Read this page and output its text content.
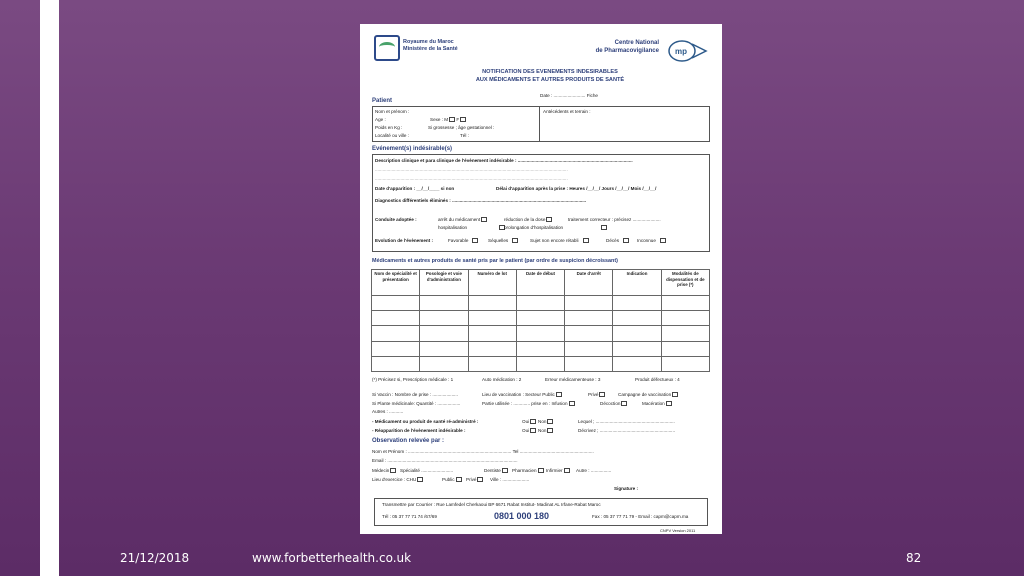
Royaume du Maroc
Ministère de la Santé
Centre National
de Pharmacovigilance mp
NOTIFICATION DES EVENEMENTS INDESIRABLES
AUX MÉDICAMENTS ET AUTRES PRODUITS DE SANTÉ
Date : ......................... Fiche
Patient
Nom et prénom :
Age :	Sexe : M F
Poids en Kg :	Si grossesse ; âge gestationnel :
Localité ou ville :	Tél :
Antécédents et terrain :
Evénement(s) indésirable(s)
Description clinique et para clinique de l'évènement indésirable : ..........................................................................................
.......................................................................................................................................................
.......................................................................................................................................................
Date d'apparition : __/__/____ si non	Délai d'apparition après la prise : Heures /__/__/ Jours /__/__/ Mois /__/__/
Diagnostics différentiels éliminés : .........................................................................................................
Conduite adoptée :	arrêt du médicament	réduction de la dose	traitement correcteur : précisez ......................
hospitalisation	prolongation d'hospitalisation
Evolution de l'évènement :	Favorable	Séquelles	Sujet non encore rétabli	Décès	Inconnue
Médicaments et autres produits de santé pris par le patient (par ordre de suspicion décroissant)
Nom de spécialité et présentation	Posologie et voie d'administration	Numéro de lot	Date de début	Date d'arrêt	Indication	Modalités de dispensation et de prise (*)

(*) Précisez si, Prescription médicale : 1	Auto médication : 2	Erreur médicamenteuse : 3	Produit défectueux : 4
Si Vaccin : Nombre de prise : ....................	Lieu de vaccination : Secteur Public	Privé	Campagne de vaccination
Si Plante médicinale: Quantité : ..................	Partie utilisée : ............. prise en : Infusion	Décoction	Macération
Autres : ...........
- Médicament ou produit de santé ré-administré :	Oui	Non	Lequel ; ..............................................................
- Réapparition de l'évènement indésirable :	Oui	Non	Décrivez ; ...........................................................
Observation relevée par :
Nom et Prénom : ................................................................................. Tel ..........................................................
Email : ......................................................................................................
Médecin	Spécialité .........................	Dentiste	Pharmacien	Infirmier	Autre : ................
Lieu d'exercice : CHU	Public	Privé	Ville : .....................
Signature :
Transmettre par Courrier : Rue Lamfedel Cherkaoui BP 6671 Rabat Institut- Madinat AL Irfane-Rabat Maroc
Tél : 05 37 77 71 74 /67/69	0801 000 180	Fax : 05 37 77 71 79 - Email : capm@capm.ma
CNPV Version 2011
21/12/2018	www.forbetterhealth.co.uk	82
